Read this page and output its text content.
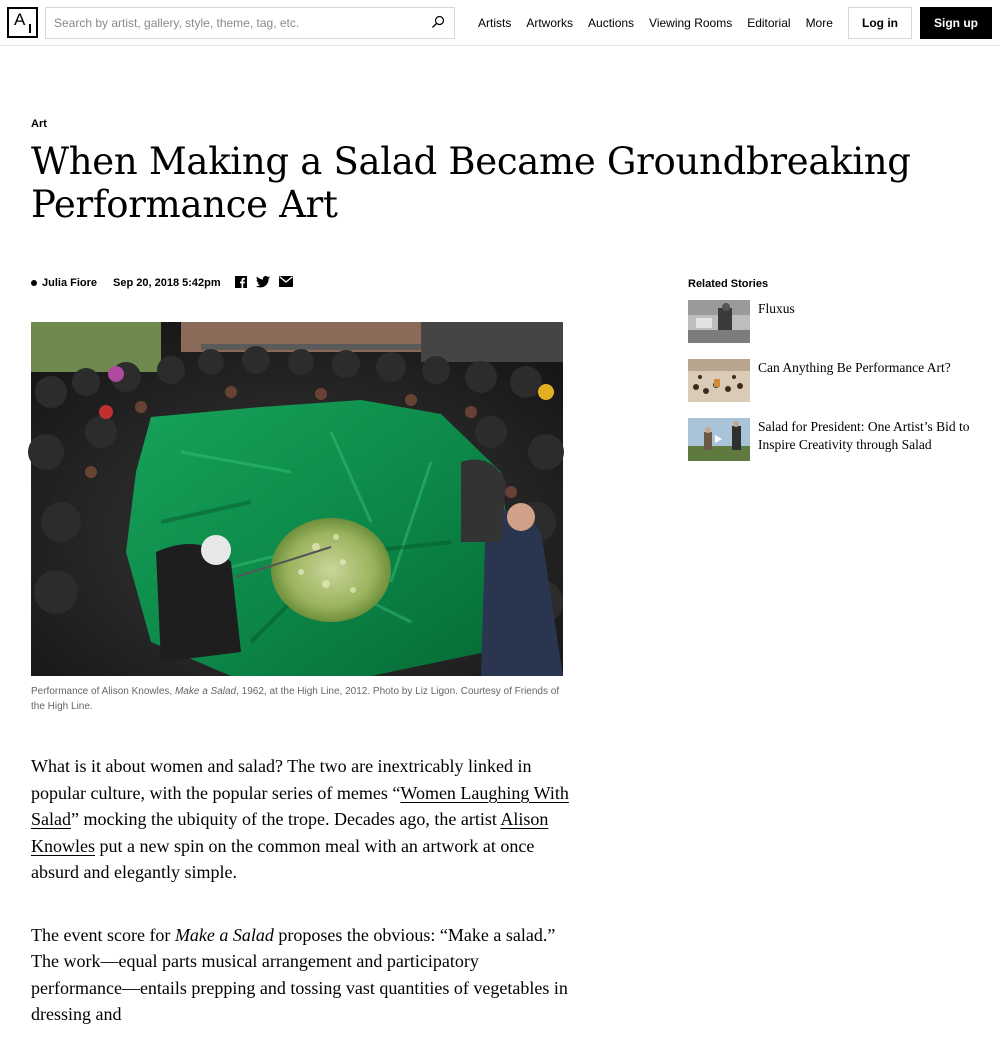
A
Search by artist, gallery, style, theme, tag, etc.	Artists Artworks Auctions Viewing Rooms Editorial More	Log in	Sign up
Art
When Making a Salad Became Groundbreaking Performance Art
Julia Fiore Sep 20, 2018 5:42pm
Performance of Alison Knowles, Make a Salad, 1962, at the High Line, 2012. Photo by Liz Ligon. Courtesy of Friends of the High Line.

What is it about women and salad? The two are inextricably linked in popular culture, with the popular series of memes “Women Laughing With Salad” mocking the ubiquity of the trope. Decades ago, the artist Alison Knowles put a new spin on the common meal with an artwork at once absurd and elegantly simple.

The event score for Make a Salad proposes the obvious: “Make a salad.” The work—equal parts musical arrangement and participatory performance—entails prepping and tossing vast quantities of vegetables in dressing and

Related Stories
Fluxus
Can Anything Be Performance Art?
Salad for President: One Artist’s Bid to Inspire Creativity through Salad
